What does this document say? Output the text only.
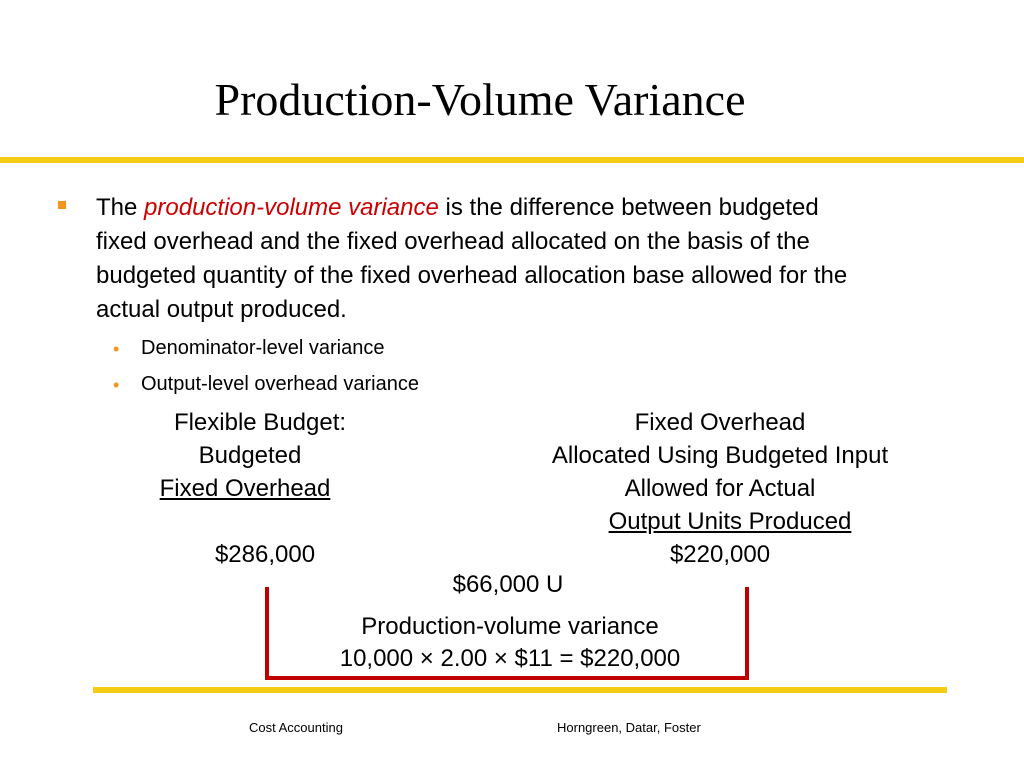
Production-Volume Variance
The production-volume variance is the difference between budgeted
fixed overhead and the fixed overhead allocated on the basis of the
budgeted quantity of the fixed overhead allocation base allowed for the
actual output produced.
• Denominator-level variance
• Output-level overhead variance
Flexible Budget:
Budgeted
Fixed Overhead
$286,000
Fixed Overhead
Allocated Using Budgeted Input
Allowed for Actual
Output Units Produced
$220,000
$66,000 U
Production-volume variance
10,000 × 2.00 × $11 = $220,000
Cost Accounting	Horngreen, Datar, Foster
